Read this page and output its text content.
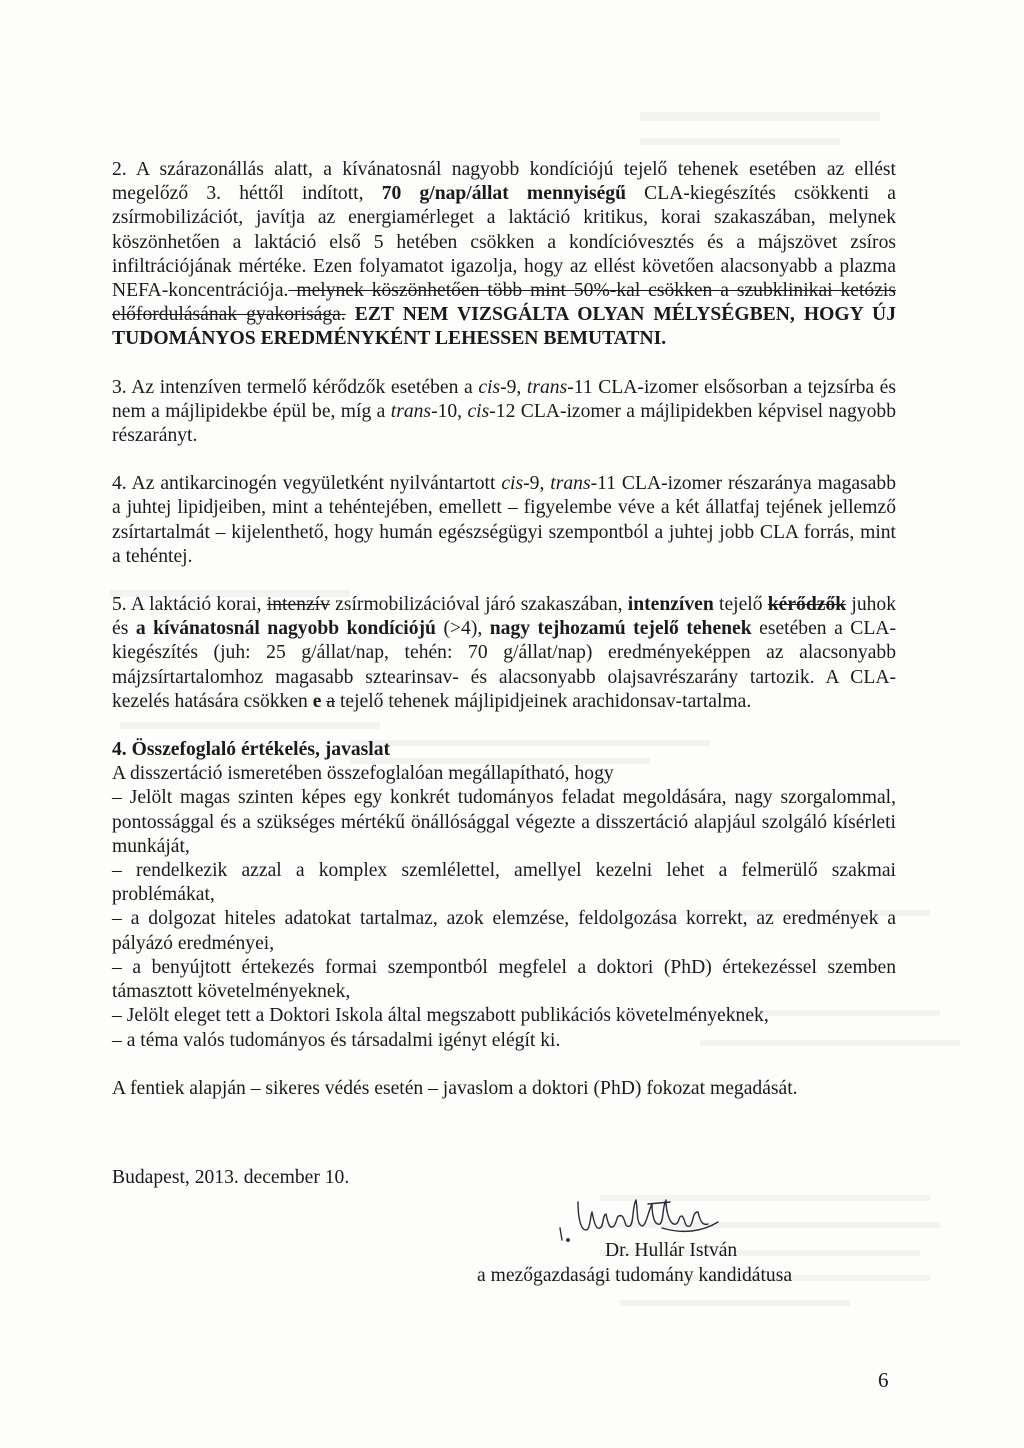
2. A szárazonállás alatt, a kívánatosnál nagyobb kondíciójú tejelő tehenek esetében az ellést megelőző 3. héttől indított, 70 g/nap/állat mennyiségű CLA-kiegészítés csökkenti a zsírmobilizációt, javítja az energiamérleget a laktáció kritikus, korai szakaszában, melynek köszönhetően a laktáció első 5 hetében csökken a kondícióvesztés és a májszövet zsíros infiltrációjának mértéke. Ezen folyamatot igazolja, hogy az ellést követően alacsonyabb a plazma NEFA-koncentrációja. melynek köszönhetően több mint 50%-kal csökken a szubklinikai ketózis előfordulásának gyakorisága. EZT NEM VIZSGÁLTA OLYAN MÉLYSÉGBEN, HOGY ÚJ TUDOMÁNYOS EREDMÉNYKÉNT LEHESSEN BEMUTATNI.

3. Az intenzíven termelő kérődzők esetében a cis-9, trans-11 CLA-izomer elsősorban a tejzsírba és nem a májlipidekbe épül be, míg a trans-10, cis-12 CLA-izomer a májlipidekben képvisel nagyobb részarányt.

4. Az antikarcinogén vegyületként nyilvántartott cis-9, trans-11 CLA-izomer részaránya magasabb a juhtej lipidjeiben, mint a tehéntejében, emellett – figyelembe véve a két állatfaj tejének jellemző zsírtartalmát – kijelenthető, hogy humán egészségügyi szempontból a juhtej jobb CLA forrás, mint a tehéntej.

5. A laktáció korai, intenzív zsírmobilizációval járó szakaszában, intenzíven tejelő kérődzők juhok és a kívánatosnál nagyobb kondíciójú (>4), nagy tejhozamú tejelő tehenek esetében a CLA-kiegészítés (juh: 25 g/állat/nap, tehén: 70 g/állat/nap) eredményeképpen az alacsonyabb májzsírtartalomhoz magasabb sztearinsav- és alacsonyabb olajsavrészarány tartozik. A CLA-kezelés hatására csökken e a tejelő tehenek májlipidjeinek arachidonsav-tartalma.

4. Összefoglaló értékelés, javaslat

A disszertáció ismeretében összefoglalóan megállapítható, hogy

– Jelölt magas szinten képes egy konkrét tudományos feladat megoldására, nagy szorgalommal, pontossággal és a szükséges mértékű önállósággal végezte a disszertáció alapjául szolgáló kísérleti munkáját,

– rendelkezik azzal a komplex szemlélettel, amellyel kezelni lehet a felmerülő szakmai problémákat,

– a dolgozat hiteles adatokat tartalmaz, azok elemzése, feldolgozása korrekt, az eredmények a pályázó eredményei,

– a benyújtott értekezés formai szempontból megfelel a doktori (PhD) értekezéssel szemben támasztott követelményeknek,

– Jelölt eleget tett a Doktori Iskola által megszabott publikációs követelményeknek,

– a téma valós tudományos és társadalmi igényt elégít ki.

A fentiek alapján – sikeres védés esetén – javaslom a doktori (PhD) fokozat megadását.

Budapest, 2013. december 10.
Dr. Hullár István
a mezőgazdasági tudomány kandidátusa
6
